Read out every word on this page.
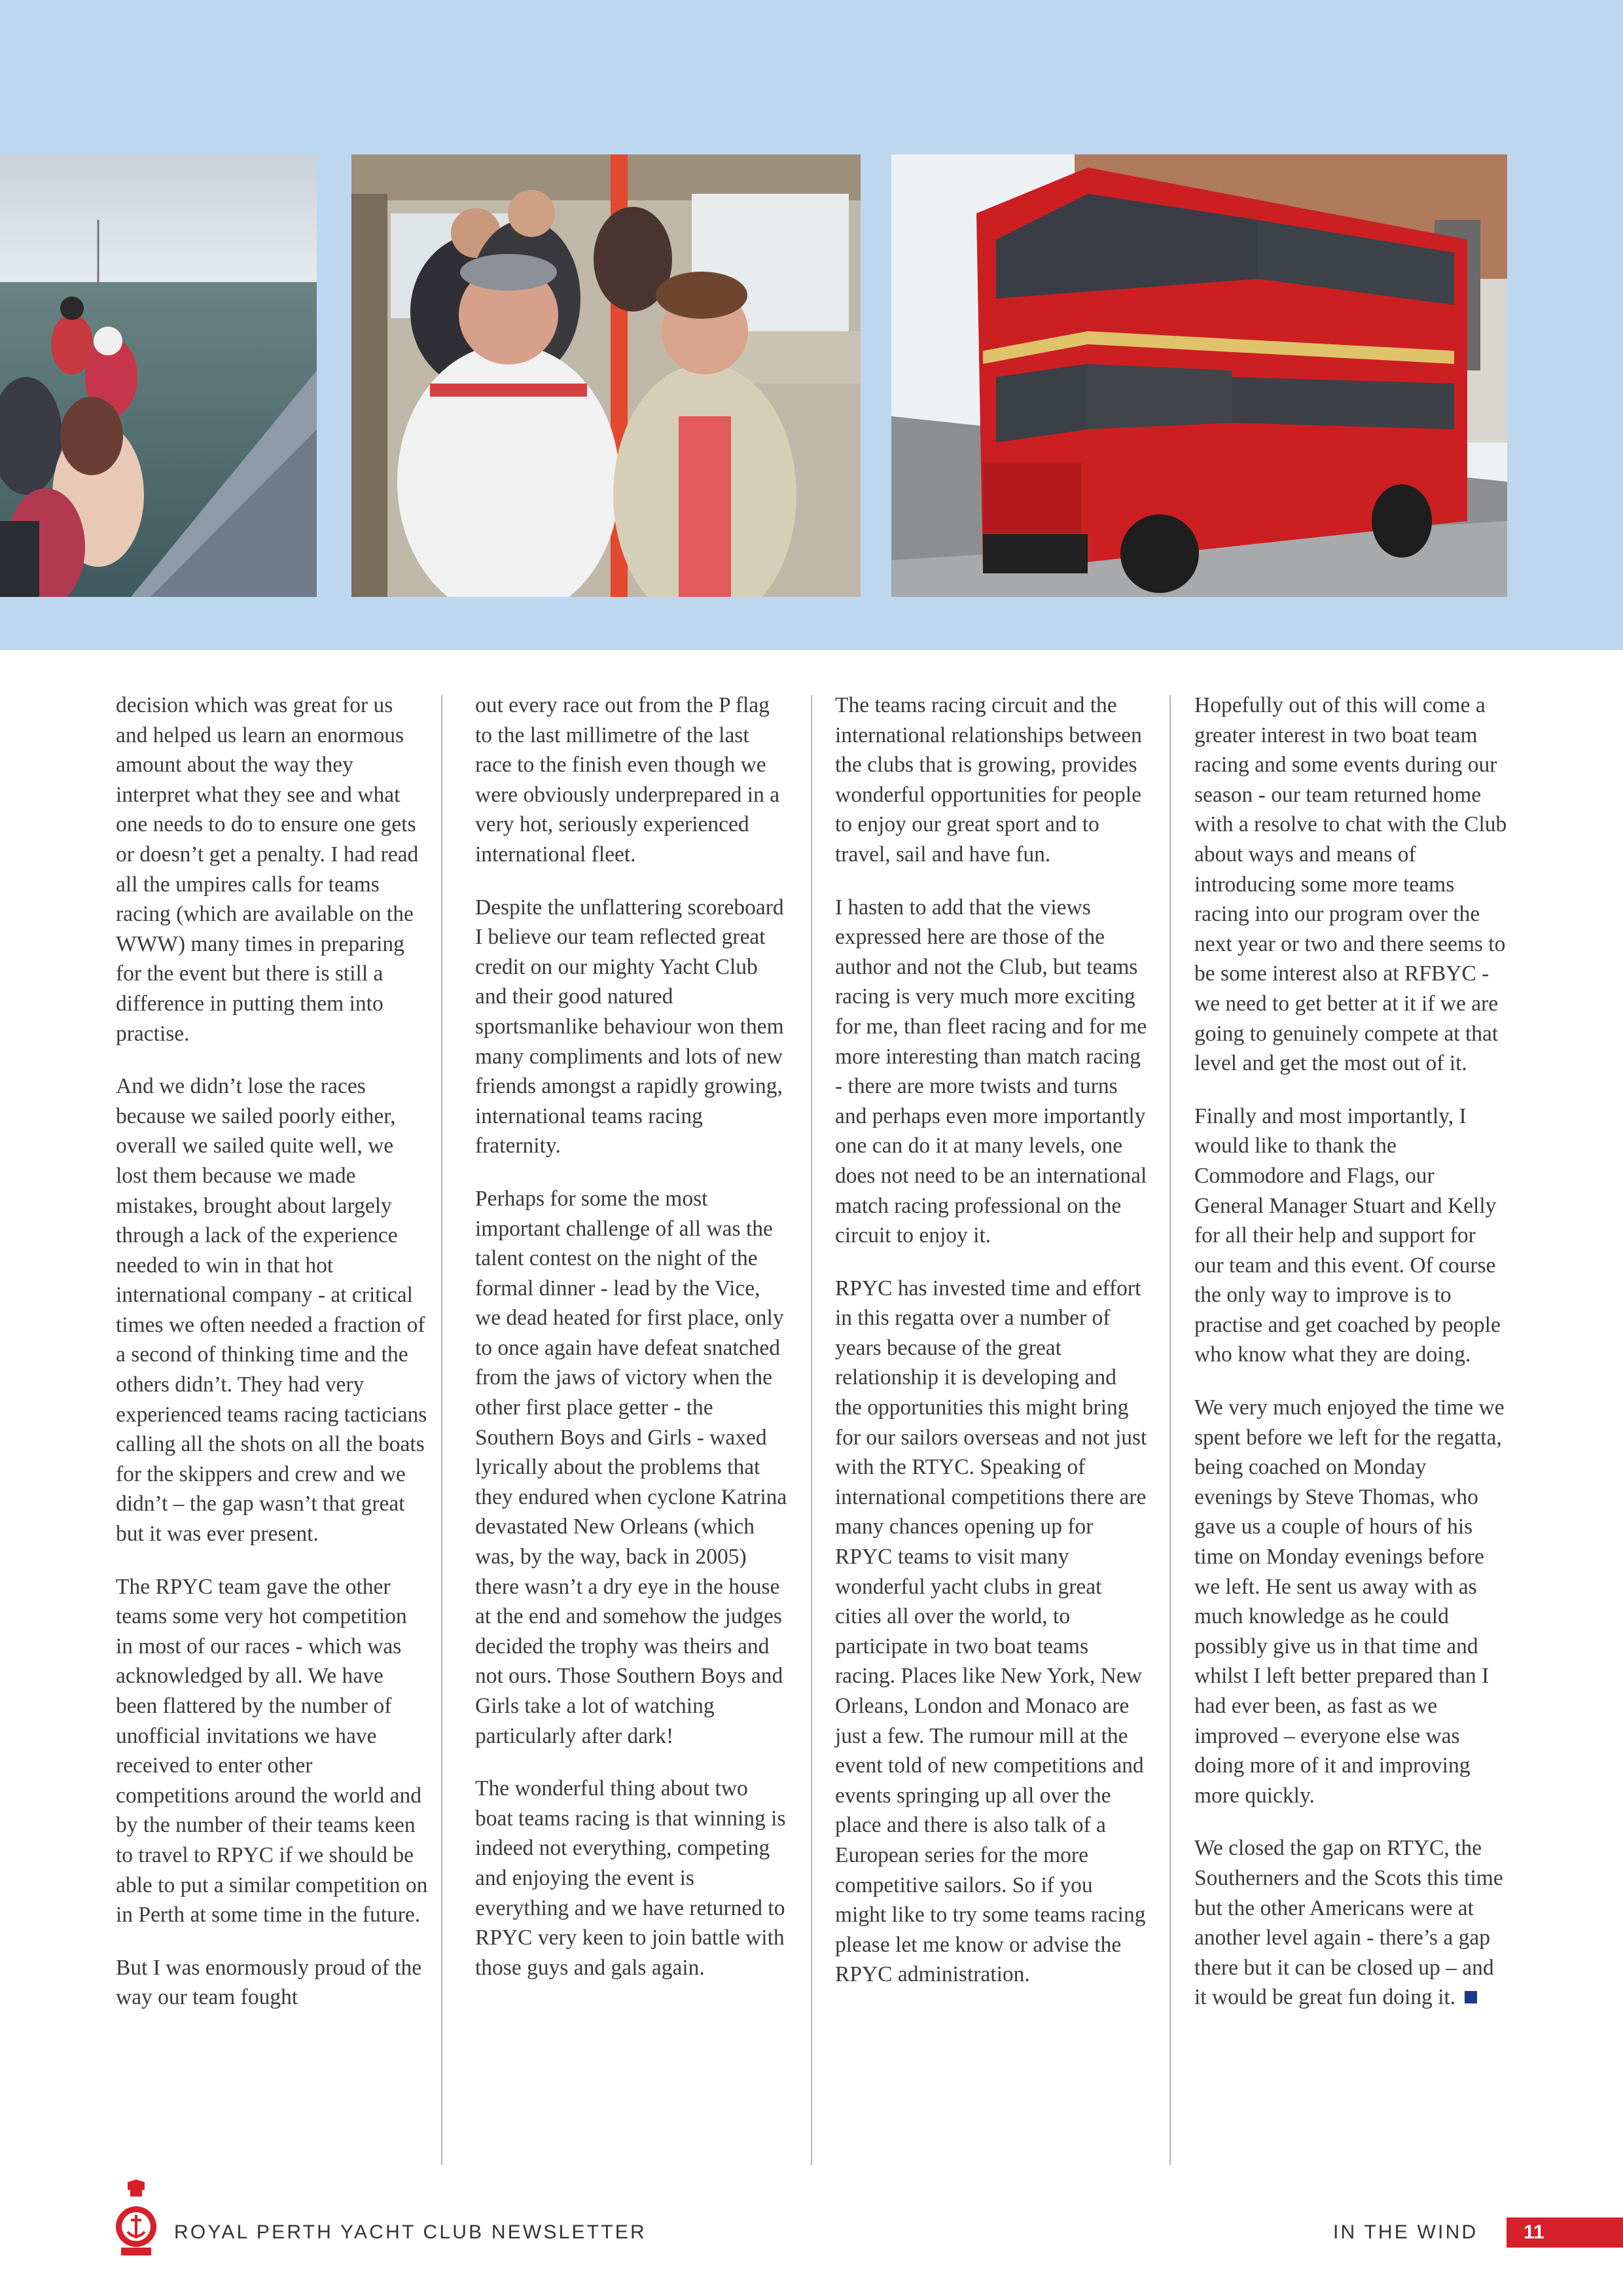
decision which was great for us and helped us learn an enormous amount about the way they interpret what they see and what one needs to do to ensure one gets or doesn’t get a penalty. I had read all the umpires calls for teams racing (which are available on the WWW) many times in preparing for the event but there is still a difference in putting them into practise.

And we didn’t lose the races because we sailed poorly either, overall we sailed quite well, we lost them because we made mistakes, brought about largely through a lack of the experience needed to win in that hot international company - at critical times we often needed a fraction of a second of thinking time and the others didn’t. They had very experienced teams racing tacticians calling all the shots on all the boats for the skippers and crew and we didn’t – the gap wasn’t that great but it was ever present.

The RPYC team gave the other teams some very hot competition in most of our races - which was acknowledged by all. We have been flattered by the number of unofficial invitations we have received to enter other competitions around the world and by the number of their teams keen to travel to RPYC if we should be able to put a similar competition on in Perth at some time in the future.

But I was enormously proud of the way our team fought

out every race out from the P flag to the last millimetre of the last race to the finish even though we were obviously underprepared in a very hot, seriously experienced international fleet.

Despite the unflattering scoreboard I believe our team reflected great credit on our mighty Yacht Club and their good natured sportsmanlike behaviour won them many compliments and lots of new friends amongst a rapidly growing, international teams racing fraternity.

Perhaps for some the most important challenge of all was the talent contest on the night of the formal dinner - lead by the Vice, we dead heated for first place, only to once again have defeat snatched from the jaws of victory when the other first place getter - the Southern Boys and Girls - waxed lyrically about the problems that they endured when cyclone Katrina devastated New Orleans (which was, by the way, back in 2005) there wasn’t a dry eye in the house at the end and somehow the judges decided the trophy was theirs and not ours. Those Southern Boys and Girls take a lot of watching particularly after dark!

The wonderful thing about two boat teams racing is that winning is indeed not everything, competing and enjoying the event is everything and we have returned to RPYC very keen to join battle with those guys and gals again.

The teams racing circuit and the international relationships between the clubs that is growing, provides wonderful opportunities for people to enjoy our great sport and to travel, sail and have fun.

I hasten to add that the views expressed here are those of the author and not the Club, but teams racing is very much more exciting for me, than fleet racing and for me more interesting than match racing - there are more twists and turns and perhaps even more importantly one can do it at many levels, one does not need to be an international match racing professional on the circuit to enjoy it.

RPYC has invested time and effort in this regatta over a number of years because of the great relationship it is developing and the opportunities this might bring for our sailors overseas and not just with the RTYC. Speaking of international competitions there are many chances opening up for RPYC teams to visit many wonderful yacht clubs in great cities all over the world, to participate in two boat teams racing. Places like New York, New Orleans, London and Monaco are just a few. The rumour mill at the event told of new competitions and events springing up all over the place and there is also talk of a European series for the more competitive sailors. So if you might like to try some teams racing please let me know or advise the RPYC administration.

Hopefully out of this will come a greater interest in two boat team racing and some events during our season - our team returned home with a resolve to chat with the Club about ways and means of introducing some more teams racing into our program over the next year or two and there seems to be some interest also at RFBYC - we need to get better at it if we are going to genuinely compete at that level and get the most out of it.

Finally and most importantly, I would like to thank the Commodore and Flags, our General Manager Stuart and Kelly for all their help and support for our team and this event. Of course the only way to improve is to practise and get coached by people who know what they are doing.

We very much enjoyed the time we spent before we left for the regatta, being coached on Monday evenings by Steve Thomas, who gave us a couple of hours of his time on Monday evenings before we left. He sent us away with as much knowledge as he could possibly give us in that time and whilst I left better prepared than I had ever been, as fast as we improved – everyone else was doing more of it and improving more quickly.

We closed the gap on RTYC, the Southerners and the Scots this time but the other Americans were at another level again - there’s a gap there but it can be closed up – and it would be great fun doing it.

ROYAL PERTH YACHT CLUB NEWSLETTER	IN THE WIND	11
